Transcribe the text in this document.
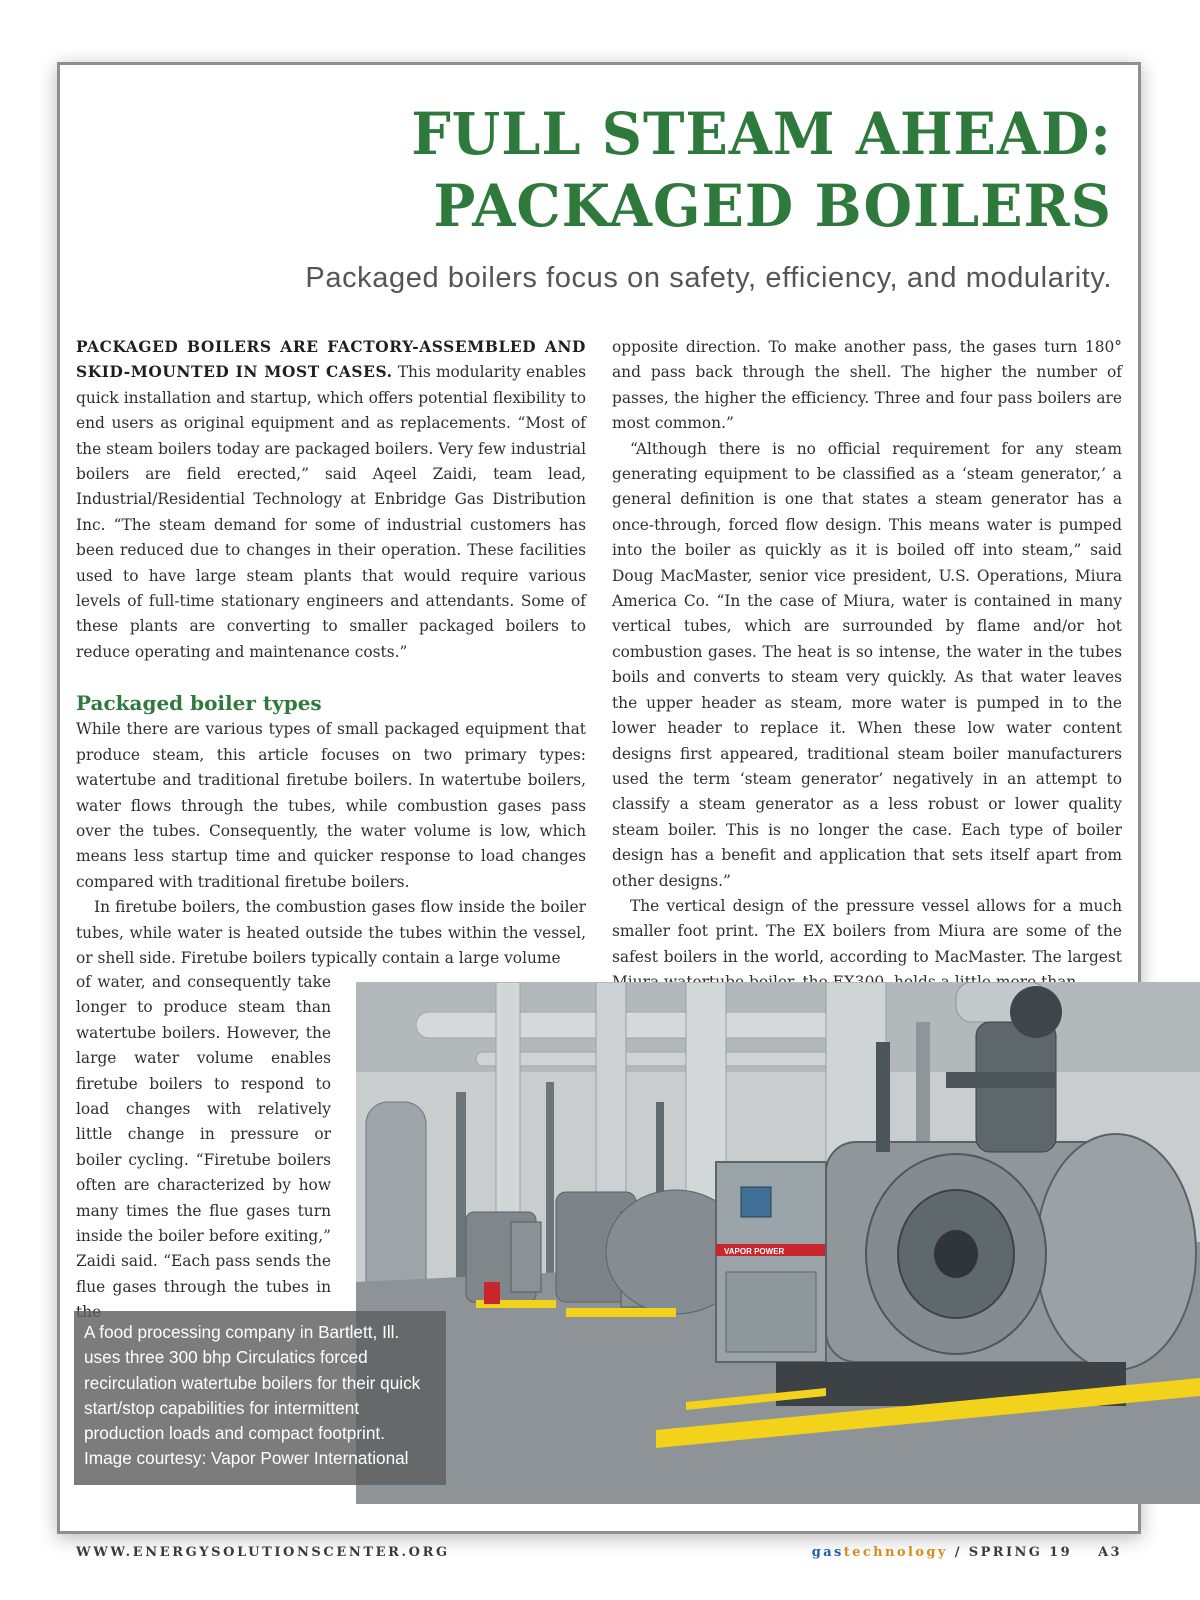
FULL STEAM AHEAD:
PACKAGED BOILERS

Packaged boilers focus on safety, efficiency, and modularity.

PACKAGED BOILERS ARE FACTORY-ASSEMBLED AND SKID-MOUNTED IN MOST CASES. This modularity enables quick installation and startup, which offers potential flexibility to end users as original equipment and as replacements. “Most of the steam boilers today are packaged boilers. Very few industrial boilers are field erected,” said Aqeel Zaidi, team lead, Industrial/Residential Technology at Enbridge Gas Distribution Inc. “The steam demand for some of industrial customers has been reduced due to changes in their operation. These facilities used to have large steam plants that would require various levels of full-time stationary engineers and attendants. Some of these plants are converting to smaller packaged boilers to reduce operating and maintenance costs.”

Packaged boiler types

While there are various types of small packaged equipment that produce steam, this article focuses on two primary types: watertube and traditional firetube boilers. In watertube boilers, water flows through the tubes, while combustion gases pass over the tubes. Consequently, the water volume is low, which means less startup time and quicker response to load changes compared with traditional firetube boilers.

In firetube boilers, the combustion gases flow inside the boiler tubes, while water is heated outside the tubes within the vessel, or shell side. Firetube boilers typically contain a large volume

of water, and consequently take longer to produce steam than watertube boilers. However, the large water volume enables firetube boilers to respond to load changes with relatively little change in pressure or boiler cycling. “Firetube boilers often are characterized by how many times the flue gases turn inside the boiler before exiting,” Zaidi said. “Each pass sends the flue gases through the tubes in

opposite direction. To make another pass, the gases turn 180° and pass back through the shell. The higher the number of passes, the higher the efficiency. Three and four pass boilers are most common.”

“Although there is no official requirement for any steam generating equipment to be classified as a ‘steam generator,’ a general definition is one that states a steam generator has a once-through, forced flow design. This means water is pumped into the boiler as quickly as it is boiled off into steam,” said Doug MacMaster, senior vice president, U.S. Operations, Miura America Co. “In the case of Miura, water is contained in many vertical tubes, which are surrounded by flame and/or hot combustion gases. The heat is so intense, the water in the tubes boils and converts to steam very quickly. As that water leaves the upper header as steam, more water is pumped in to the lower header to replace it. When these low water content designs first appeared, traditional steam boiler manufacturers used the term ‘steam generator’ negatively in an attempt to classify a steam generator as a less robust or lower quality steam boiler. This is no longer the case. Each type of boiler design has a benefit and application that sets itself apart from other designs.”

The vertical design of the pressure vessel allows for a much smaller foot print. The EX boilers from Miura are some of the safest boilers in the world, according to MacMaster. The largest

VAPOR POWER
A food processing company in Bartlett, Ill. uses three 300 bhp Circulatics forced recirculation watertube boilers for their quick start/stop capabilities for intermittent production loads and compact footprint. Image courtesy: Vapor Power International

WWW.ENERGYSOLUTIONSCENTER.ORG	gastechnology / SPRING 19 A3
